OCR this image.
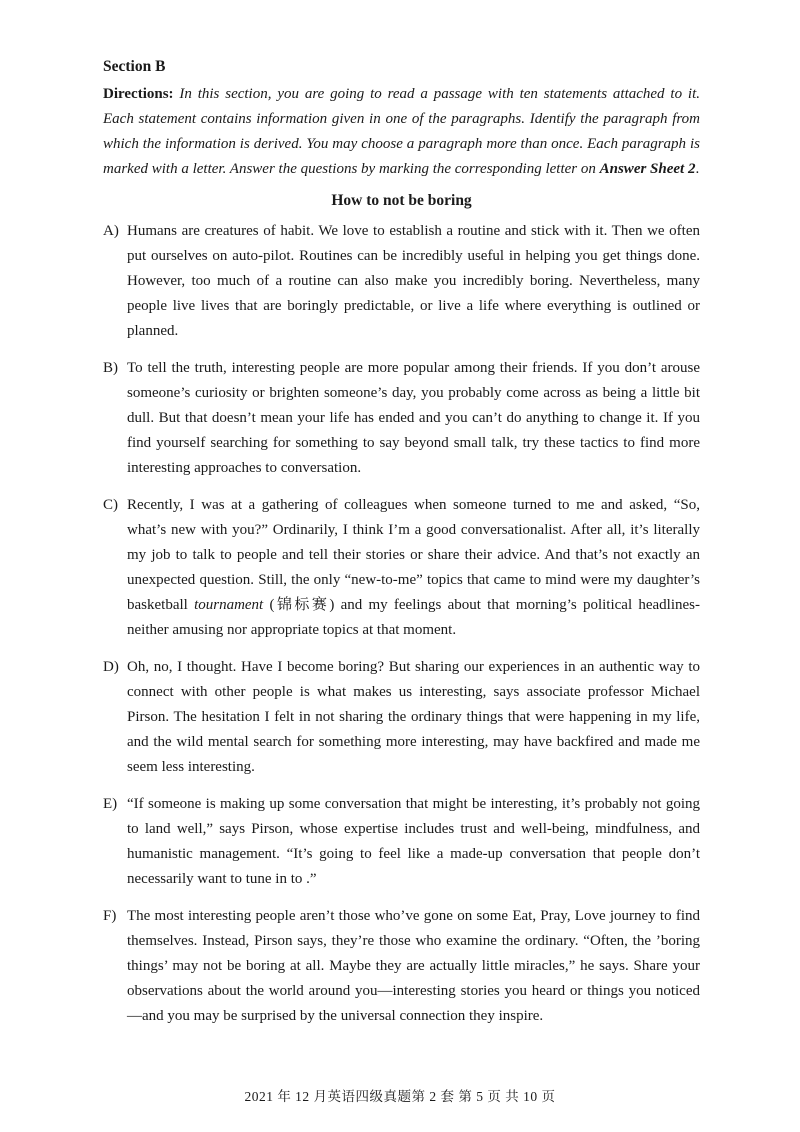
Section B

Directions: In this section, you are going to read a passage with ten statements attached to it. Each statement contains information given in one of the paragraphs. Identify the paragraph from which the information is derived. You may choose a paragraph more than once. Each paragraph is marked with a letter. Answer the questions by marking the corresponding letter on Answer Sheet 2.

How to not be boring
A) Humans are creatures of habit. We love to establish a routine and stick with it. Then we often put ourselves on auto-pilot. Routines can be incredibly useful in helping you get things done. However, too much of a routine can also make you incredibly boring. Nevertheless, many people live lives that are boringly predictable, or live a life where everything is outlined or planned.
B) To tell the truth, interesting people are more popular among their friends. If you don’t arouse someone’s curiosity or brighten someone’s day, you probably come across as being a little bit dull. But that doesn’t mean your life has ended and you can’t do anything to change it. If you find yourself searching for something to say beyond small talk, try these tactics to find more interesting approaches to conversation.
C) Recently, I was at a gathering of colleagues when someone turned to me and asked, “So, what’s new with you?” Ordinarily, I think I’m a good conversationalist. After all, it’s literally my job to talk to people and tell their stories or share their advice. And that’s not exactly an unexpected question. Still, the only “new-to-me” topics that came to mind were my daughter’s basketball tournament (锦标赛) and my feelings about that morning’s political headlines- neither amusing nor appropriate topics at that moment.
D) Oh, no, I thought. Have I become boring? But sharing our experiences in an authentic way to connect with other people is what makes us interesting, says associate professor Michael Pirson. The hesitation I felt in not sharing the ordinary things that were happening in my life, and the wild mental search for something more interesting, may have backfired and made me seem less interesting.
E) “If someone is making up some conversation that might be interesting, it’s probably not going to land well,” says Pirson, whose expertise includes trust and well-being, mindfulness, and humanistic management. “It’s going to feel like a made-up conversation that people don’t necessarily want to tune in to .”
F) The most interesting people aren’t those who’ve gone on some Eat, Pray, Love journey to find themselves. Instead, Pirson says, they’re those who examine the ordinary. “Often, the ’boring things’ may not be boring at all. Maybe they are actually little miracles,” he says. Share your observations about the world around you—interesting stories you heard or things you noticed—and you may be surprised by the universal connection they inspire.
2021 年 12 月英语四级真题第 2 套 第 5 页 共 10 页
